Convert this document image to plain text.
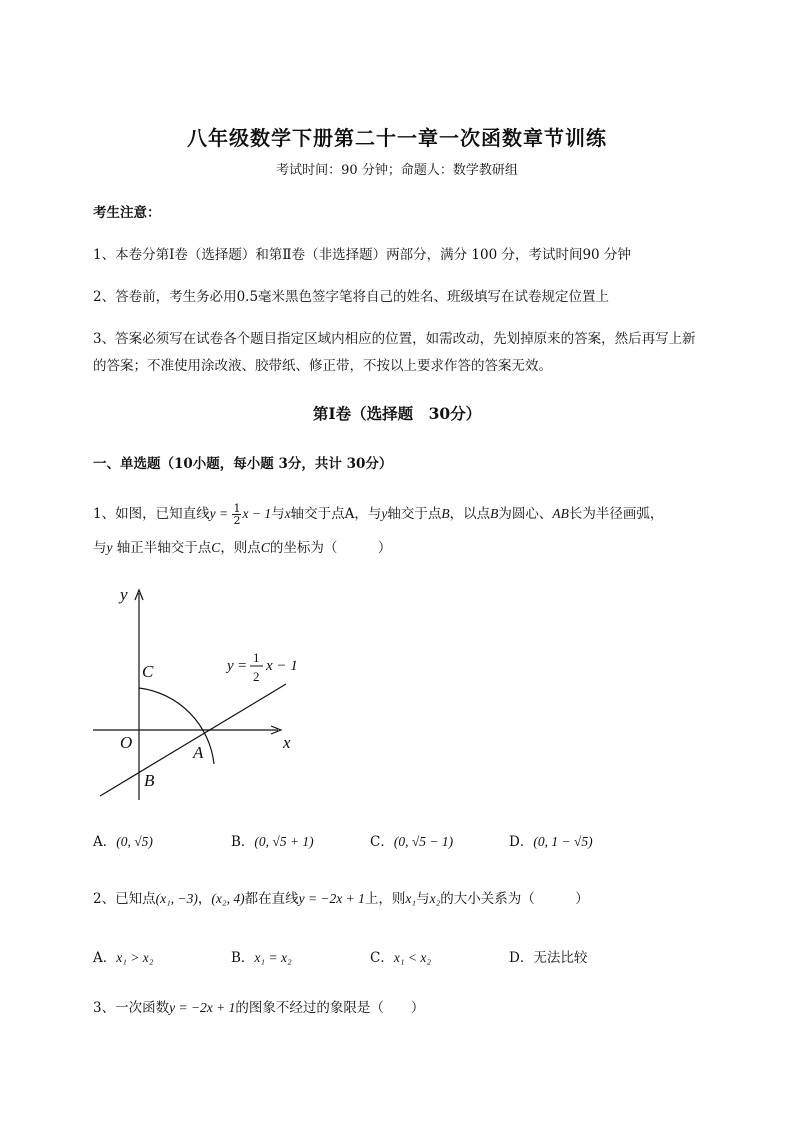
八年级数学下册第二十一章一次函数章节训练
考试时间：90 分钟；命题人：数学教研组
考生注意：
1、本卷分第Ⅰ卷（选择题）和第Ⅱ卷（非选择题）两部分，满分 100 分，考试时间90 分钟
2、答卷前，考生务必用0.5毫米黑色签字笔将自己的姓名、班级填写在试卷规定位置上
3、答案必须写在试卷各个题目指定区域内相应的位置，如需改动，先划掉原来的答案，然后再写上新
的答案；不准使用涂改液、胶带纸、修正带，不按以上要求作答的答案无效。
第Ⅰ卷（选择题　30分）
一、单选题（10小题，每小题 3分，共计 30分）
1、如图，已知直线$y = \frac{1}{2}$ x − 1与x轴交于点A，与y轴交于点B，以点B为圆心、AB长为半径画弧，
与y 轴正半轴交于点C，则点C的坐标为（　　　）
y
x
O
A
B
C	y =
1
2
x − 1
A．(0, √5)	B．(0, √5 + 1)	C．(0, √5 − 1)	D．(0, 1 − √5)
2、已知点(x₁, −3)，(x₂, 4)都在直线y = −2x + 1上，则x₁与x₂的大小关系为（　　　）
A．x₁ > x₂	B．x₁ = x₂	C．x₁ < x₂	D．无法比较
3、一次函数y = −2x + 1的图象不经过的象限是（　　）
